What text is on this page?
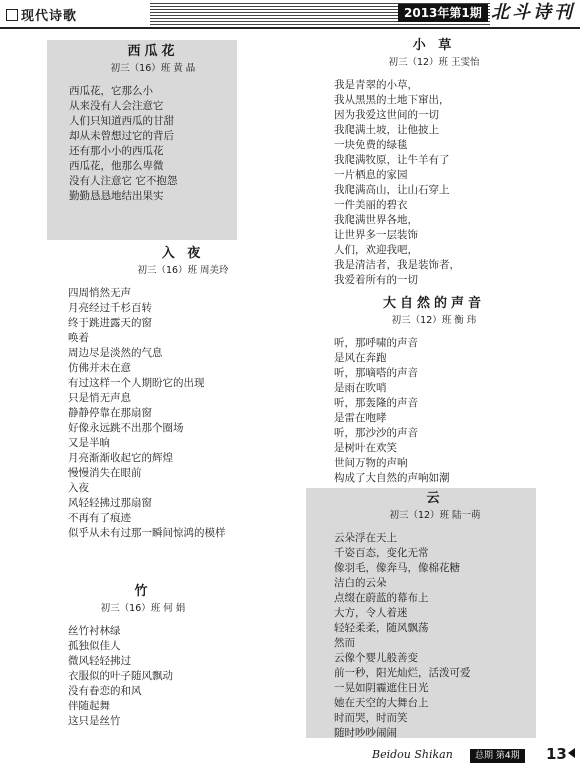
现代诗歌	2013年第1期 北斗诗刊
西瓜花
初三（16）班 黄 晶
西瓜花，它那么小
从来没有人会注意它
人们只知道西瓜的甘甜
却从未曾想过它的背后
还有那小小的西瓜花
西瓜花，他那么卑微
没有人注意它 它不抱怨
勤勤恳恳地结出果实
入 夜
初三（16）班 周美玲
四周悄然无声
月亮经过千杉百转
终于跳进露天的窗
唤着
周边尽是淡然的气息
仿佛并未在意
有过这样一个人期盼它的出现
只是悄无声息
静静停靠在那扇窗
好像永远跳不出那个圈场
又是半晌
月亮渐渐收起它的辉煌
慢慢消失在眼前
入夜
风轻轻拂过那扇窗
不再有了痕迹
似乎从未有过那一瞬间惊鸿的模样
竹
初三（16）班 何 娟
丝竹衬林绿
孤独似佳人
微风轻轻拂过
衣服似的叶子随风飘动
没有眷恋的和风
伴随起舞
这只是丝竹
小 草
初三（12）班 王雯怡
我是青翠的小草，
我从黑黑的土地下窜出，
因为我爱这世间的一切
我爬满土坡，让他披上
一块免费的绿毯
我爬满牧原，让牛羊有了
一片栖息的家园
我爬满高山，让山石穿上
一件美丽的碧衣
我爬满世界各地，
让世界多一层装饰
人们，欢迎我吧，
我是清洁者，我是装饰者，
我爱着所有的一切
大自然的声音
初三（12）班 衡 玮
听，那呼啸的声音
是风在奔跑
听，那嘀嗒的声音
是雨在吹哨
听，那轰隆的声音
是雷在咆哮
听，那沙沙的声音
是树叶在欢笑
世间万物的声响
构成了大自然的声响如潮
云
初三（12）班 陆一萌
云朵浮在天上
千姿百态，变化无常
像羽毛，像奔马，像棉花糖
洁白的云朵
点缀在蔚蓝的幕布上
大方，令人着迷
轻轻柔柔，随风飘荡
然而
云像个婴儿般善变
前一秒，阳光灿烂，活泼可爱
一晃如阴霾遮住日光
她在天空的大舞台上
时而哭，时而笑
随时吵吵闹闹
Beidou Shikan	总期 第4期	13
